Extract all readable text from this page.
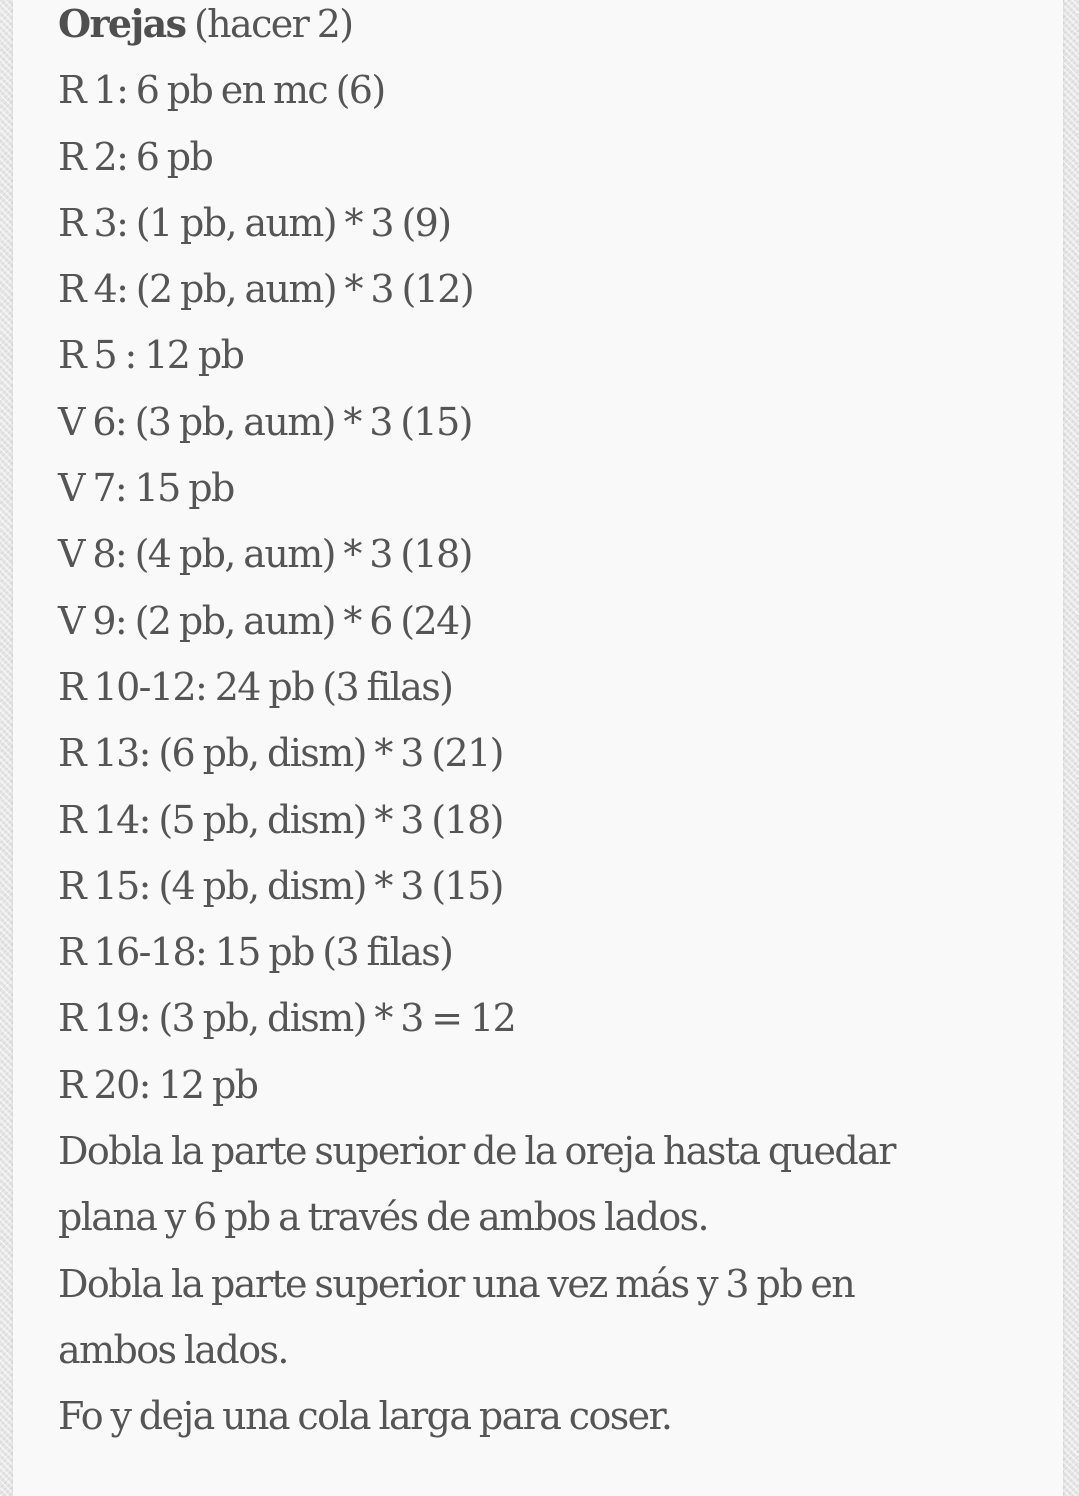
Orejas (hacer 2)
R 1: 6 pb en mc (6)
R 2: 6 pb
R 3: (1 pb, aum) * 3 (9)
R 4: (2 pb, aum) * 3 (12)
R 5 : 12 pb
V 6: (3 pb, aum) * 3 (15)
V 7: 15 pb
V 8: (4 pb, aum) * 3 (18)
V 9: (2 pb, aum) * 6 (24)
R 10-12: 24 pb (3 filas)
R 13: (6 pb, dism) * 3 (21)
R 14: (5 pb, dism) * 3 (18)
R 15: (4 pb, dism) * 3 (15)
R 16-18: 15 pb (3 filas)
R 19: (3 pb, dism) * 3 = 12
R 20: 12 pb
Dobla la parte superior de la oreja hasta quedar
plana y 6 pb a través de ambos lados.
Dobla la parte superior una vez más y 3 pb en
ambos lados.
Fo y deja una cola larga para coser.
